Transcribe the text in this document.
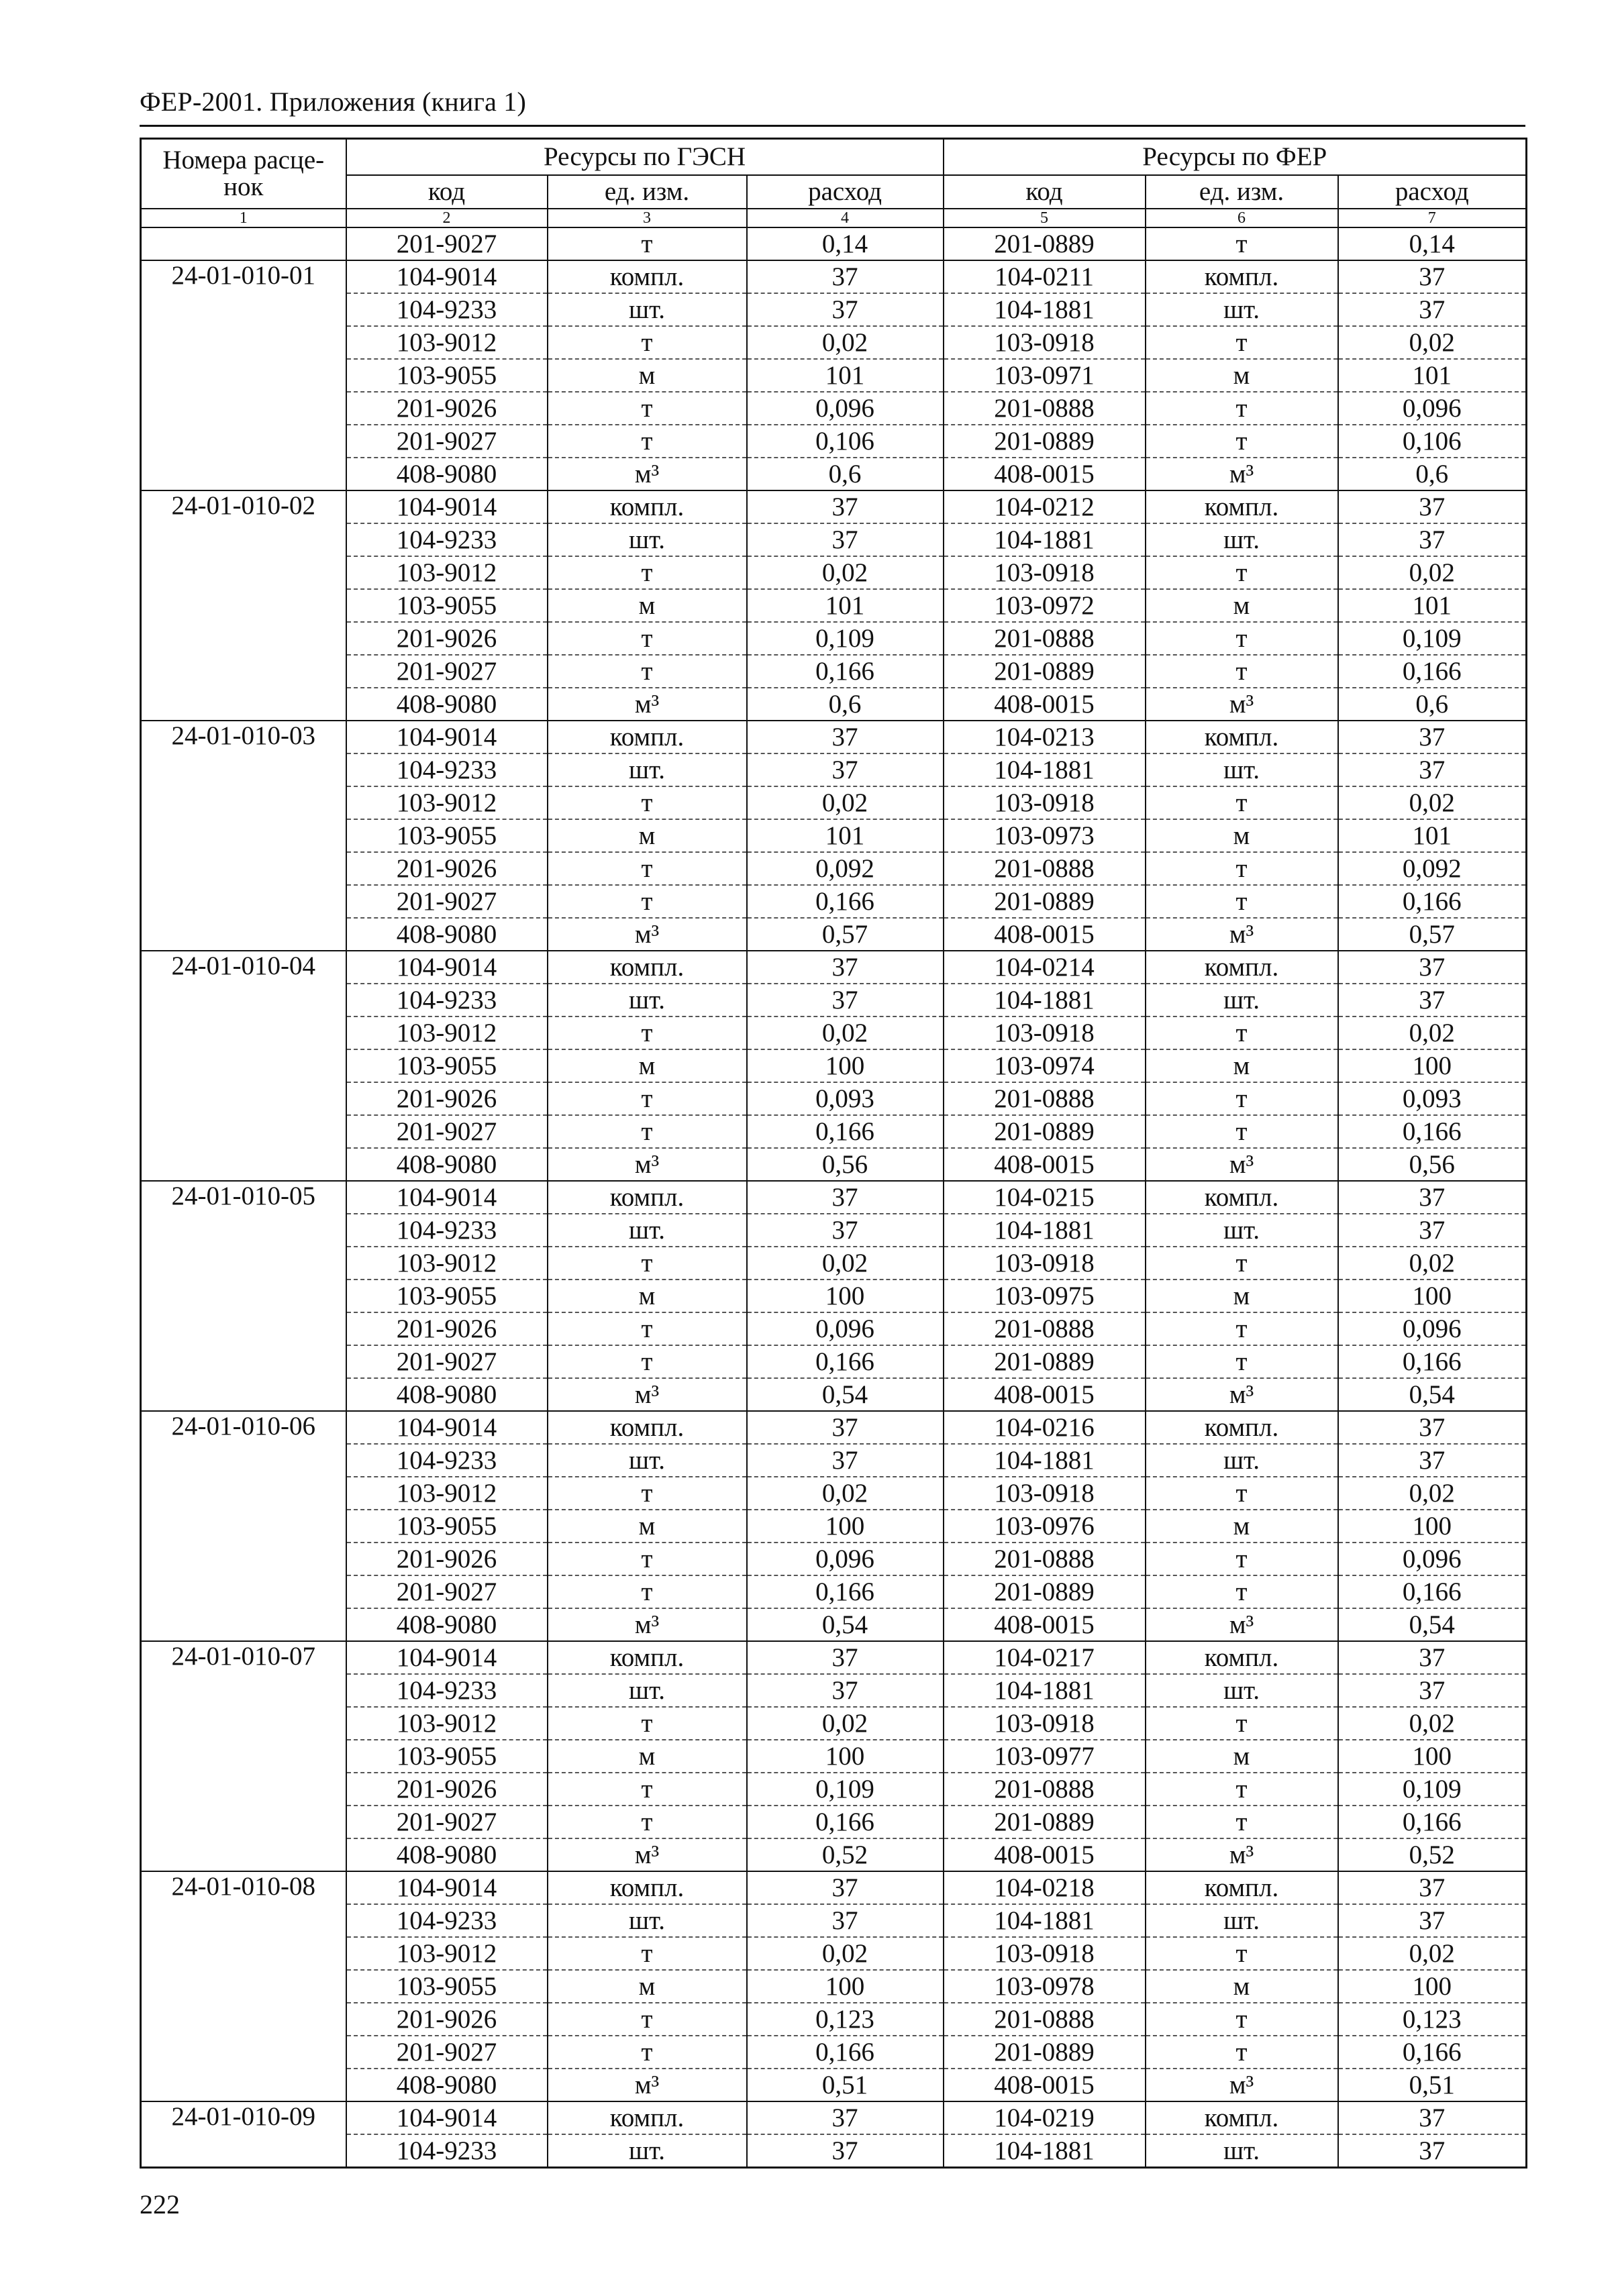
ФЕР-2001. Приложения (книга 1)
Номера расце-
нок	Ресурсы по ГЭСН			Ресурсы по ФЕР		
	код	ед. изм.	расход	код	ед. изм.	расход
1	2	3	4	5	6	7
	201-9027	т	0,14	201-0889	т	0,14
24-01-010-01	104-9014	компл.	37	104-0211	компл.	37
	104-9233	шт.	37	104-1881	шт.	37
	103-9012	т	0,02	103-0918	т	0,02
	103-9055	м	101	103-0971	м	101
	201-9026	т	0,096	201-0888	т	0,096
	201-9027	т	0,106	201-0889	т	0,106
	408-9080	м³	0,6	408-0015	м³	0,6
24-01-010-02	104-9014	компл.	37	104-0212	компл.	37
	104-9233	шт.	37	104-1881	шт.	37
	103-9012	т	0,02	103-0918	т	0,02
	103-9055	м	101	103-0972	м	101
	201-9026	т	0,109	201-0888	т	0,109
	201-9027	т	0,166	201-0889	т	0,166
	408-9080	м³	0,6	408-0015	м³	0,6
24-01-010-03	104-9014	компл.	37	104-0213	компл.	37
	104-9233	шт.	37	104-1881	шт.	37
	103-9012	т	0,02	103-0918	т	0,02
	103-9055	м	101	103-0973	м	101
	201-9026	т	0,092	201-0888	т	0,092
	201-9027	т	0,166	201-0889	т	0,166
	408-9080	м³	0,57	408-0015	м³	0,57
24-01-010-04	104-9014	компл.	37	104-0214	компл.	37
	104-9233	шт.	37	104-1881	шт.	37
	103-9012	т	0,02	103-0918	т	0,02
	103-9055	м	100	103-0974	м	100
	201-9026	т	0,093	201-0888	т	0,093
	201-9027	т	0,166	201-0889	т	0,166
	408-9080	м³	0,56	408-0015	м³	0,56
24-01-010-05	104-9014	компл.	37	104-0215	компл.	37
	104-9233	шт.	37	104-1881	шт.	37
	103-9012	т	0,02	103-0918	т	0,02
	103-9055	м	100	103-0975	м	100
	201-9026	т	0,096	201-0888	т	0,096
	201-9027	т	0,166	201-0889	т	0,166
	408-9080	м³	0,54	408-0015	м³	0,54
24-01-010-06	104-9014	компл.	37	104-0216	компл.	37
	104-9233	шт.	37	104-1881	шт.	37
	103-9012	т	0,02	103-0918	т	0,02
	103-9055	м	100	103-0976	м	100
	201-9026	т	0,096	201-0888	т	0,096
	201-9027	т	0,166	201-0889	т	0,166
	408-9080	м³	0,54	408-0015	м³	0,54
24-01-010-07	104-9014	компл.	37	104-0217	компл.	37
	104-9233	шт.	37	104-1881	шт.	37
	103-9012	т	0,02	103-0918	т	0,02
	103-9055	м	100	103-0977	м	100
	201-9026	т	0,109	201-0888	т	0,109
	201-9027	т	0,166	201-0889	т	0,166
	408-9080	м³	0,52	408-0015	м³	0,52
24-01-010-08	104-9014	компл.	37	104-0218	компл.	37
	104-9233	шт.	37	104-1881	шт.	37
	103-9012	т	0,02	103-0918	т	0,02
	103-9055	м	100	103-0978	м	100
	201-9026	т	0,123	201-0888	т	0,123
	201-9027	т	0,166	201-0889	т	0,166
	408-9080	м³	0,51	408-0015	м³	0,51
24-01-010-09	104-9014	компл.	37	104-0219	компл.	37
	104-9233	шт.	37	104-1881	шт.	37
222
